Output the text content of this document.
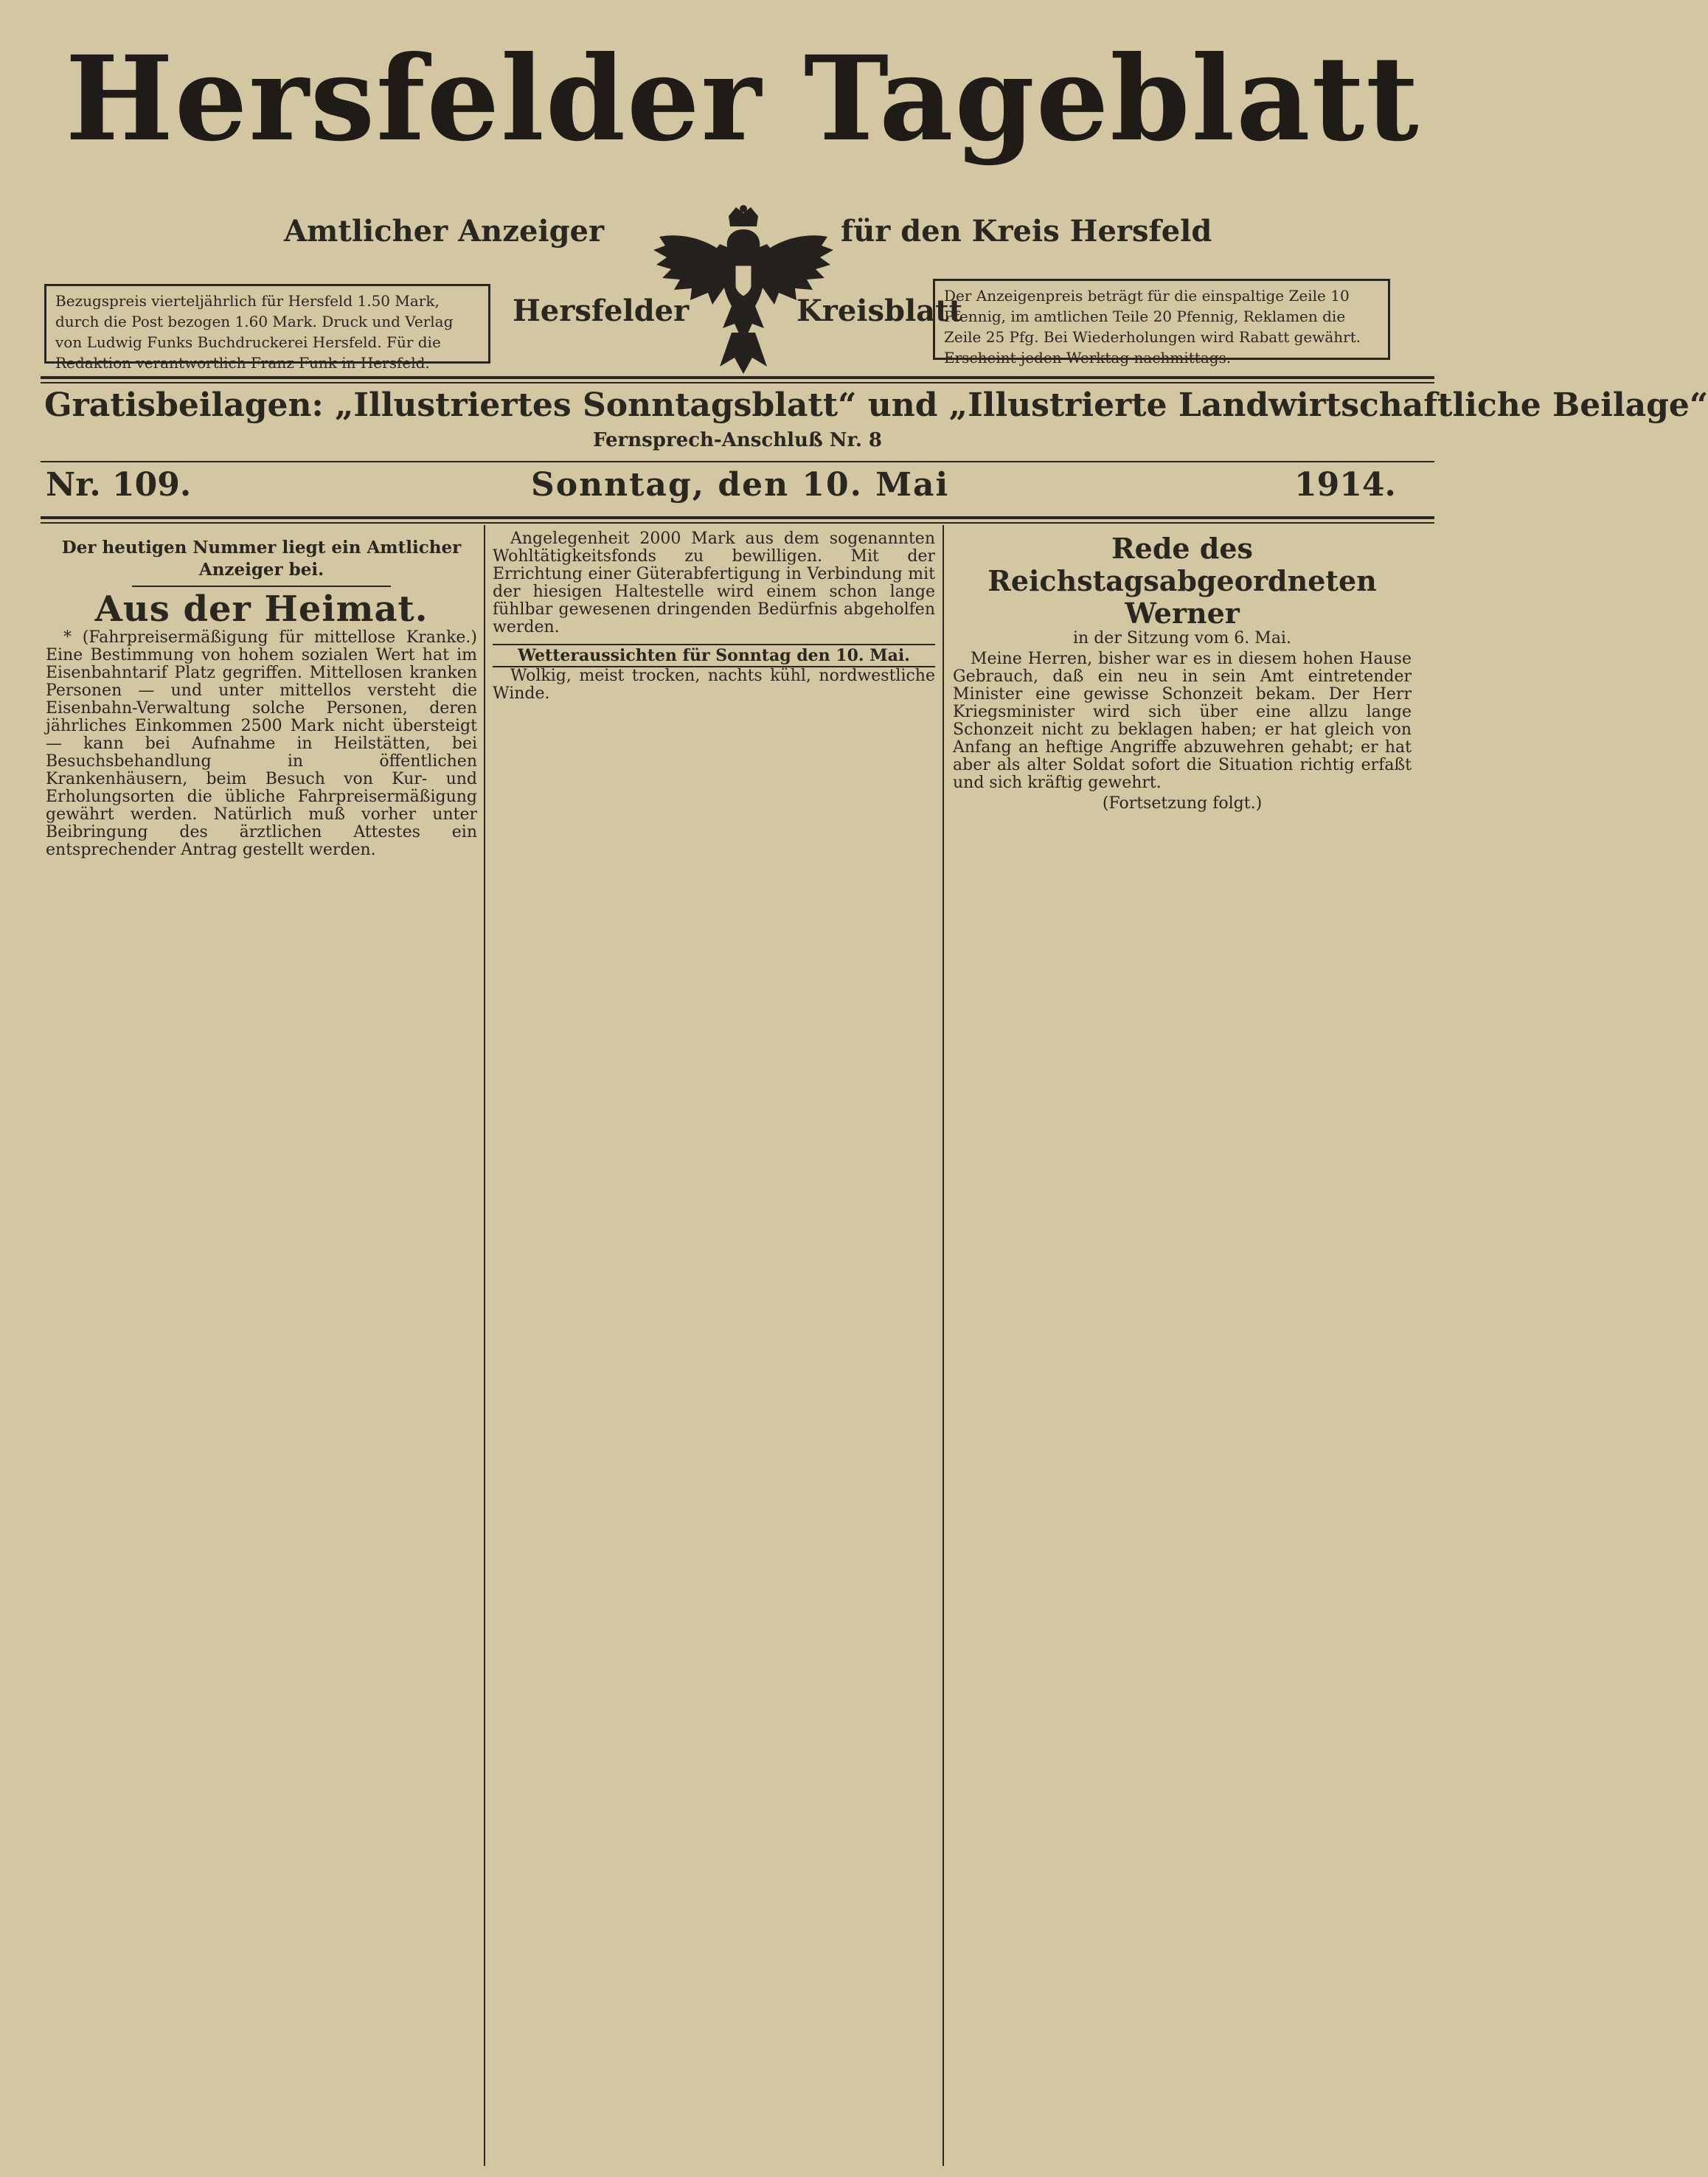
Hersfelder Tageblatt
Amtlicher Anzeiger	für den Kreis Hersfeld
Bezugspreis vierteljährlich für Hersfeld 1.50 Mark, durch die Post bezogen 1.60 Mark. Druck und Verlag von Ludwig Funks Buchdruckerei Hersfeld. Für die Redaktion verantwortlich Franz Funk in Hersfeld.
Der Anzeigenpreis beträgt für die einspaltige Zeile 10 Pfennig, im amtlichen Teile 20 Pfennig, Reklamen die Zeile 25 Pfg. Bei Wiederholungen wird Rabatt gewährt. Erscheint jeden Werktag nachmittags.
Hersfelder	Kreisblatt
Gratisbeilagen: „Illustriertes Sonntagsblatt“ und „Illustrierte Landwirtschaftliche Beilage“
Fernsprech-Anschluß Nr. 8
Nr. 109.	Sonntag, den 10. Mai	1914.
Der heutigen Nummer liegt ein Amtlicher Anzeiger bei.
Aus der Heimat.

* (Fahrpreisermäßigung für mittellose Kranke.) Eine Bestimmung von hohem sozialen Wert hat im Eisenbahntarif Platz gegriffen. Mittellosen kranken Personen — und unter mittellos versteht die Eisenbahn-Verwaltung solche Personen, deren jährliches Einkommen 2500 Mark nicht übersteigt — kann bei Aufnahme in Heilstätten, bei Besuchsbehandlung in öffentlichen Krankenhäusern, beim Besuch von Kur- und Erholungsorten die übliche Fahrpreisermäßigung gewährt werden. Natürlich muß vorher unter Beibringung des ärztlichen Attestes ein entsprechender Antrag gestellt werden.

Angelegenheit 2000 Mark aus dem sogenannten Wohltätigkeitsfonds zu bewilligen. Mit der Errichtung einer Güterabfertigung in Verbindung mit der hiesigen Haltestelle wird einem schon lange fühlbar gewesenen dringenden Bedürfnis abgeholfen werden.

Wetteraussichten für Sonntag den 10. Mai.

Wolkig, meist trocken, nachts kühl, nordwestliche Winde.

Rede des Reichstagsabgeordneten Werner
in der Sitzung vom 6. Mai.

Meine Herren, bisher war es in diesem hohen Hause Gebrauch, daß ein neu in sein Amt eintretender Minister eine gewisse Schonzeit bekam. Der Herr Kriegsminister wird sich über eine allzu lange Schonzeit nicht zu beklagen haben; er hat gleich von Anfang an heftige Angriffe abzuwehren gehabt; er hat aber als alter Soldat sofort die Situation richtig erfaßt und sich kräftig gewehrt.

(Fortsetzung folgt.)
